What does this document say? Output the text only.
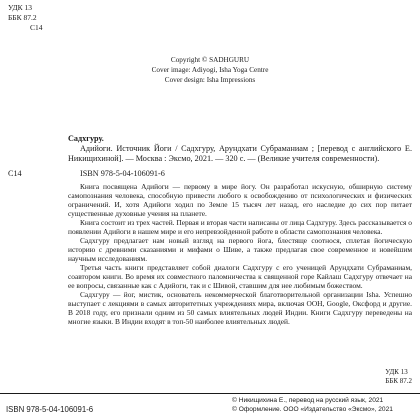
УДК 13
ББК 87.2
С14
Copyright © SADHGURU
Cover image: Adiyogi, Isha Yoga Centre
Cover design: Isha Impressions
С14
Садхгуру.

Адийоги. Источник Йоги / Садхгуру, Арундхати Субраманиам ; [перевод с английского Е. Никищихиной]. — Москва : Эксмо, 2021. — 320 с. — (Великие учителя современности).

ISBN 978-5-04-106091-6

Книга посвящена Адийоги — первому в мире йогу. Он разработал искусную, обширную систему самопознания человека, способную привести любого к освобождению от психологических и физических ограничений. И, хотя Адийоги ходил по Земле 15 тысяч лет назад, его наследие до сих пор питает существенные духовные учения на планете.

Книга состоит из трех частей. Первая и вторая части написаны от лица Садхгуру. Здесь рассказывается о появлении Адийоги в нашем мире и его непревзойденной работе в области самопознания человека.

Садхгуру предлагает нам новый взгляд на первого йога, блестяще соотнося, сплетая йогическую историю с древними сказаниями и мифами о Шиве, а также предлагая свое современное и новейшим научным исследованиям.

Третья часть книги представляет собой диалоги Садхгуру с его ученицей Арундхати Субраманиам, соавтором книги. Во время их совместного паломничества к священной горе Кайлаш Садхгуру отвечает на ее вопросы, связанные как с Адийоги, так и с Шивой, ставшим для нее любимым божеством.

Садхгуру — йог, мистик, основатель некоммерческой благотворительной организации Isha. Успешно выступает с лекциями в самых авторитетных учреждениях мира, включая ООН, Google, Оксфорд и другие. В 2018 году, его признали одним из 50 самых влиятельных людей Индии. Книги Садхгуру переведены на многие языки. В Индии входят в топ-50 наиболее влиятельных людей.

УДК 13
ББК 87.2
ISBN 978-5-04-106091-6
© Никищихина Е., перевод на русский язык, 2021
© Оформление. ООО «Издательство «Эксмо», 2021
